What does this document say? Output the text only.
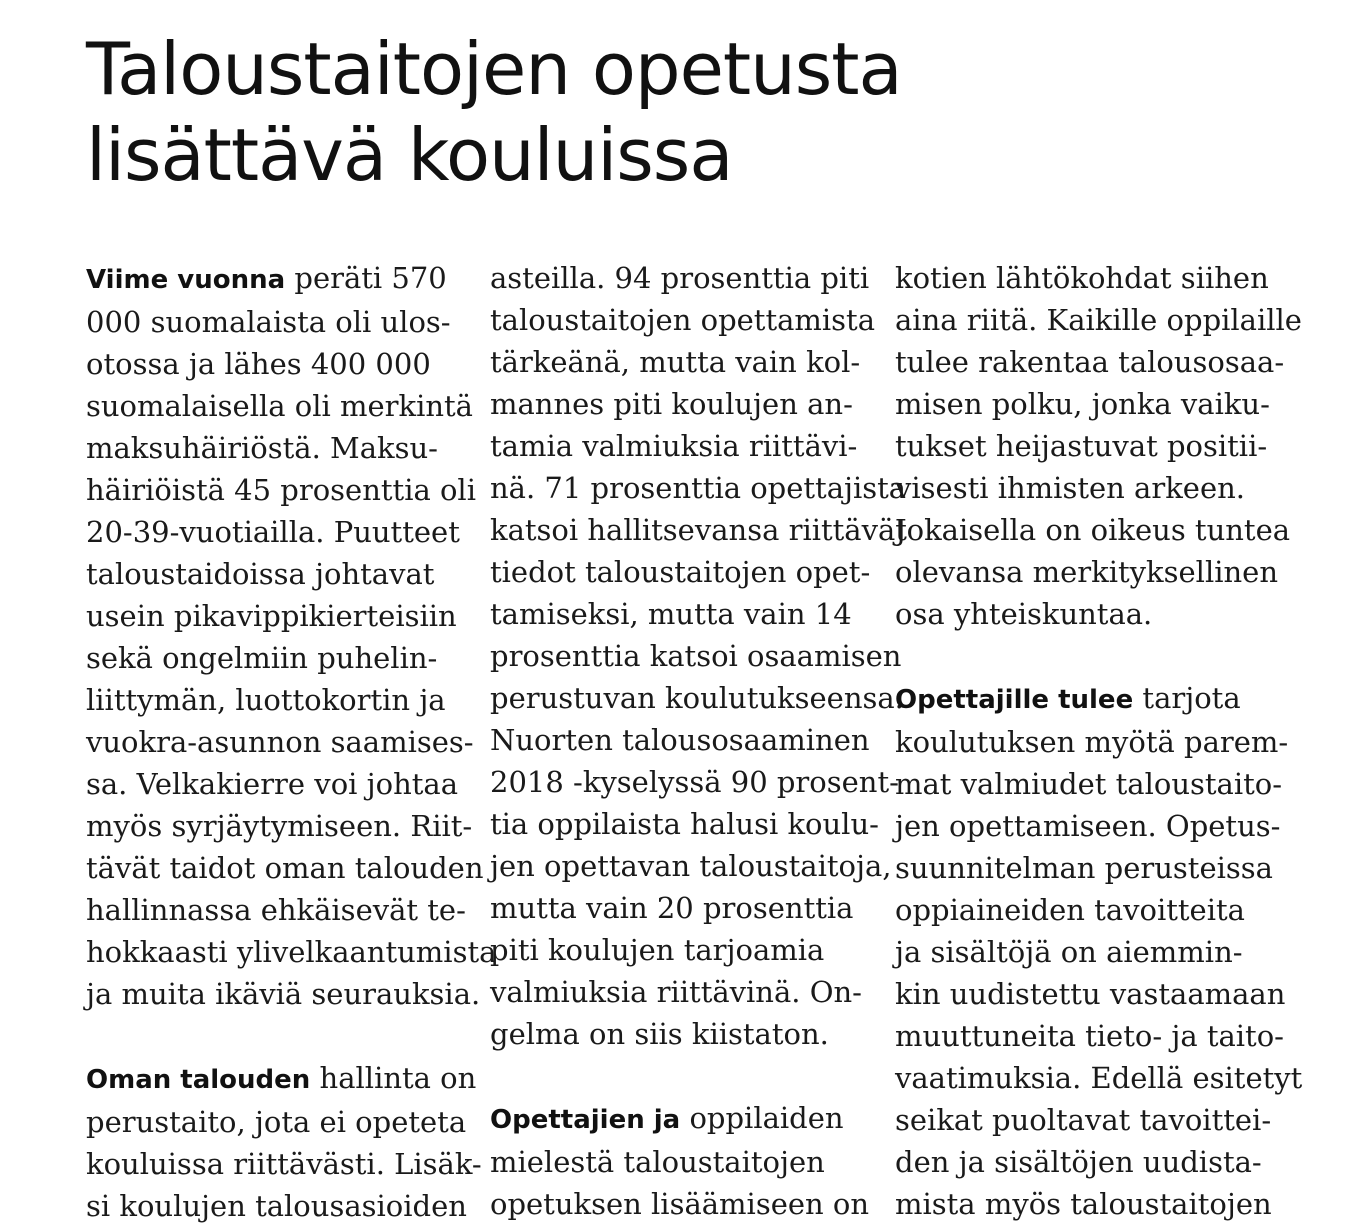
Taloustaitojen opetusta
lisättävä kouluissa
Viime vuonna peräti 570
000 suomalaista oli ulos-
otossa ja lähes 400 000
suomalaisella oli merkintä
maksuhäiriöstä. Maksu-
häiriöistä 45 prosenttia oli
20-39-vuotiailla. Puutteet
taloustaidoissa johtavat
usein pikavippikierteisiin
sekä ongelmiin puhelin-
liittymän, luottokortin ja
vuokra-asunnon saamises-
sa. Velkakierre voi johtaa
myös syrjäytymiseen. Riit-
tävät taidot oman talouden
hallinnassa ehkäisevät te-
hokkaasti ylivelkaantumista
ja muita ikäviä seurauksia.
Oman talouden hallinta on
perustaito, jota ei opeteta
kouluissa riittävästi. Lisäk-
si koulujen talousasioiden
asteilla. 94 prosenttia piti
taloustaitojen opettamista
tärkeänä, mutta vain kol-
mannes piti koulujen an-
tamia valmiuksia riittävi-
nä. 71 prosenttia opettajista
katsoi hallitsevansa riittävät
tiedot taloustaitojen opet-
tamiseksi, mutta vain 14
prosenttia katsoi osaamisen
perustuvan koulutukseensa.
Nuorten talousosaaminen
2018 -kyselyssä 90 prosent-
tia oppilaista halusi koulu-
jen opettavan taloustaitoja,
mutta vain 20 prosenttia
piti koulujen tarjoamia
valmiuksia riittävinä. On-
gelma on siis kiistaton.
Opettajien ja oppilaiden
mielestä taloustaitojen
opetuksen lisäämiseen on
kotien lähtökohdat siihen
aina riitä. Kaikille oppilaille
tulee rakentaa talousosaa-
misen polku, jonka vaiku-
tukset heijastuvat positii-
visesti ihmisten arkeen.
Jokaisella on oikeus tuntea
olevansa merkityksellinen
osa yhteiskuntaa.
Opettajille tulee tarjota
koulutuksen myötä parem-
mat valmiudet taloustaito-
jen opettamiseen. Opetus-
suunnitelman perusteissa
oppiaineiden tavoitteita
ja sisältöjä on aiemmin-
kin uudistettu vastaamaan
muuttuneita tieto- ja taito-
vaatimuksia. Edellä esitetyt
seikat puoltavat tavoittei-
den ja sisältöjen uudista-
mista myös taloustaitojen
